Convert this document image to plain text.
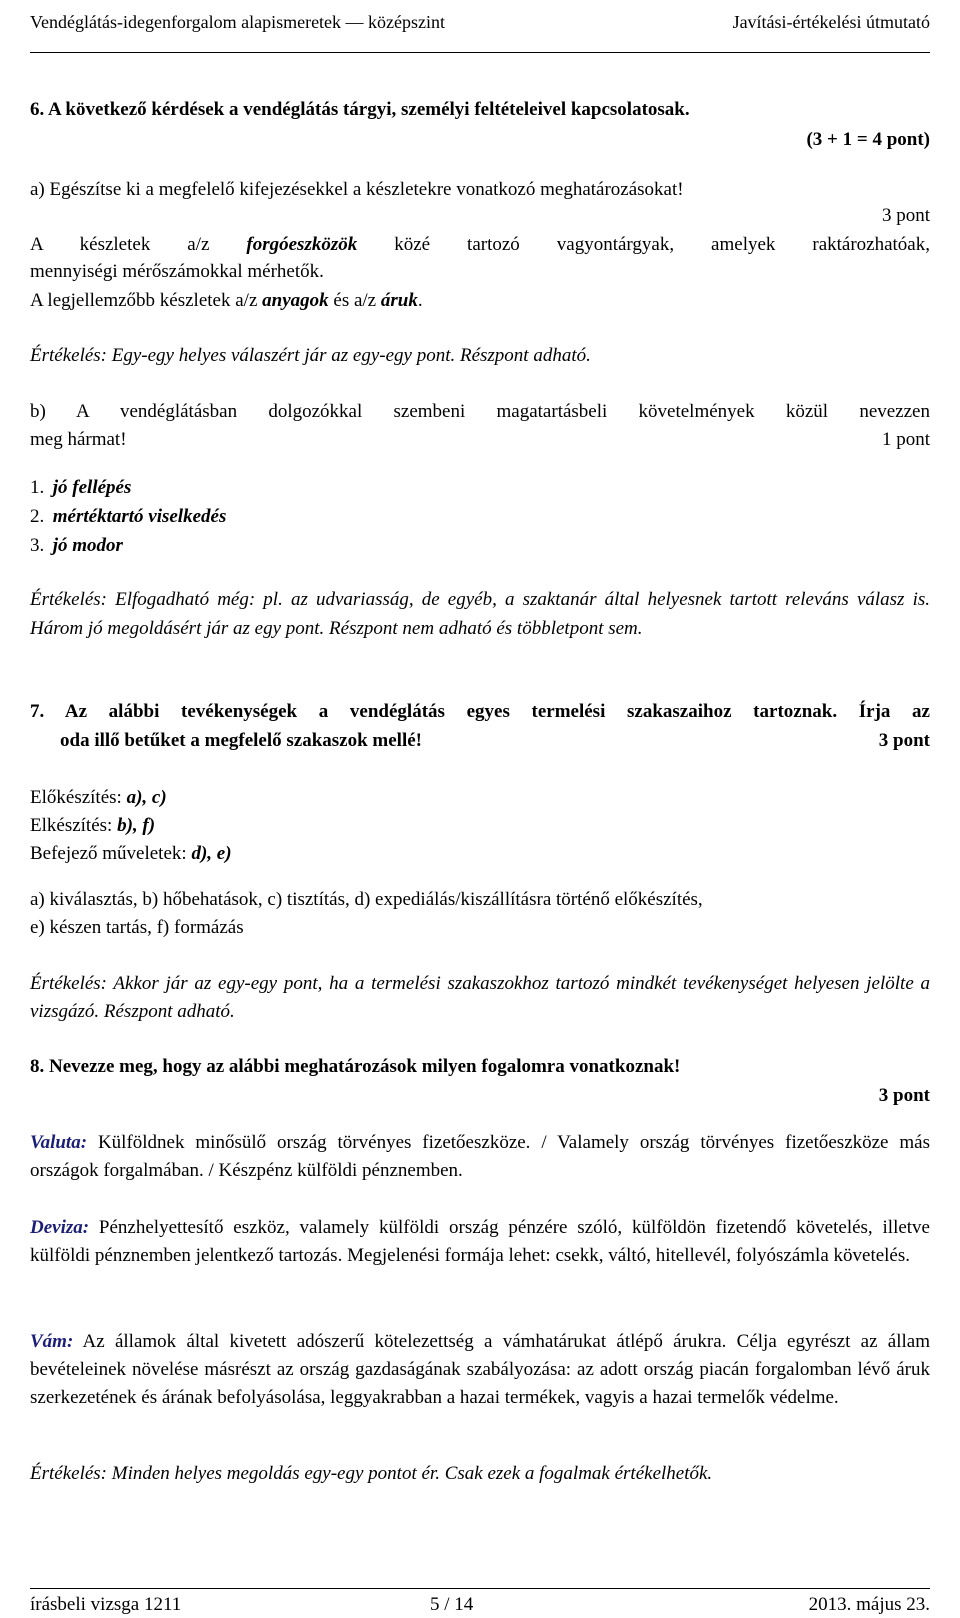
Vendéglátás-idegenforgalom alapismeretek — középszint	Javítási-értékelési útmutató
6. A következő kérdések a vendéglátás tárgyi, személyi feltételeivel kapcsolatosak.
(3 + 1 = 4 pont)
a) Egészítse ki a megfelelő kifejezésekkel a készletekre vonatkozó meghatározásokat!
3 pont
A készletek a/z forgóeszközök közé tartozó vagyontárgyak, amelyek raktározhatóak,
mennyiségi mérőszámokkal mérhetők.
A legjellemzőbb készletek a/z anyagok és a/z áruk.
Értékelés: Egy-egy helyes válaszért jár az egy-egy pont. Részpont adható.
b) A vendéglátásban dolgozókkal szembeni magatartásbeli követelmények közül nevezzen
meg hármat!	1 pont
1. jó fellépés
2. mértéktartó viselkedés
3. jó modor
Értékelés: Elfogadható még: pl. az udvariasság, de egyéb, a szaktanár által helyesnek tartott releváns válasz is. Három jó megoldásért jár az egy pont. Részpont nem adható és többletpont sem.
7. Az alábbi tevékenységek a vendéglátás egyes termelési szakaszaihoz tartoznak. Írja az
oda illő betűket a megfelelő szakaszok mellé!	3 pont
Előkészítés: a), c)
Elkészítés: b), f)
Befejező műveletek: d), e)
a) kiválasztás, b) hőbehatások, c) tisztítás, d) expediálás/kiszállításra történő előkészítés,
e) készen tartás, f) formázás
Értékelés: Akkor jár az egy-egy pont, ha a termelési szakaszokhoz tartozó mindkét tevékenységet helyesen jelölte a vizsgázó. Részpont adható.
8. Nevezze meg, hogy az alábbi meghatározások milyen fogalomra vonatkoznak!
3 pont
Valuta: Külföldnek minősülő ország törvényes fizetőeszköze. / Valamely ország törvényes fizetőeszköze más országok forgalmában. / Készpénz külföldi pénznemben.
Deviza: Pénzhelyettesítő eszköz, valamely külföldi ország pénzére szóló, külföldön fizetendő követelés, illetve külföldi pénznemben jelentkező tartozás. Megjelenési formája lehet: csekk, váltó, hitellevél, folyószámla követelés.
Vám: Az államok által kivetett adószerű kötelezettség a vámhatárukat átlépő árukra. Célja egyrészt az állam bevételeinek növelése másrészt az ország gazdaságának szabályozása: az adott ország piacán forgalomban lévő áruk szerkezetének és árának befolyásolása, leggyakrabban a hazai termékek, vagyis a hazai termelők védelme.
Értékelés: Minden helyes megoldás egy-egy pontot ér. Csak ezek a fogalmak értékelhetők.
írásbeli vizsga 1211	5 / 14	2013. május 23.
